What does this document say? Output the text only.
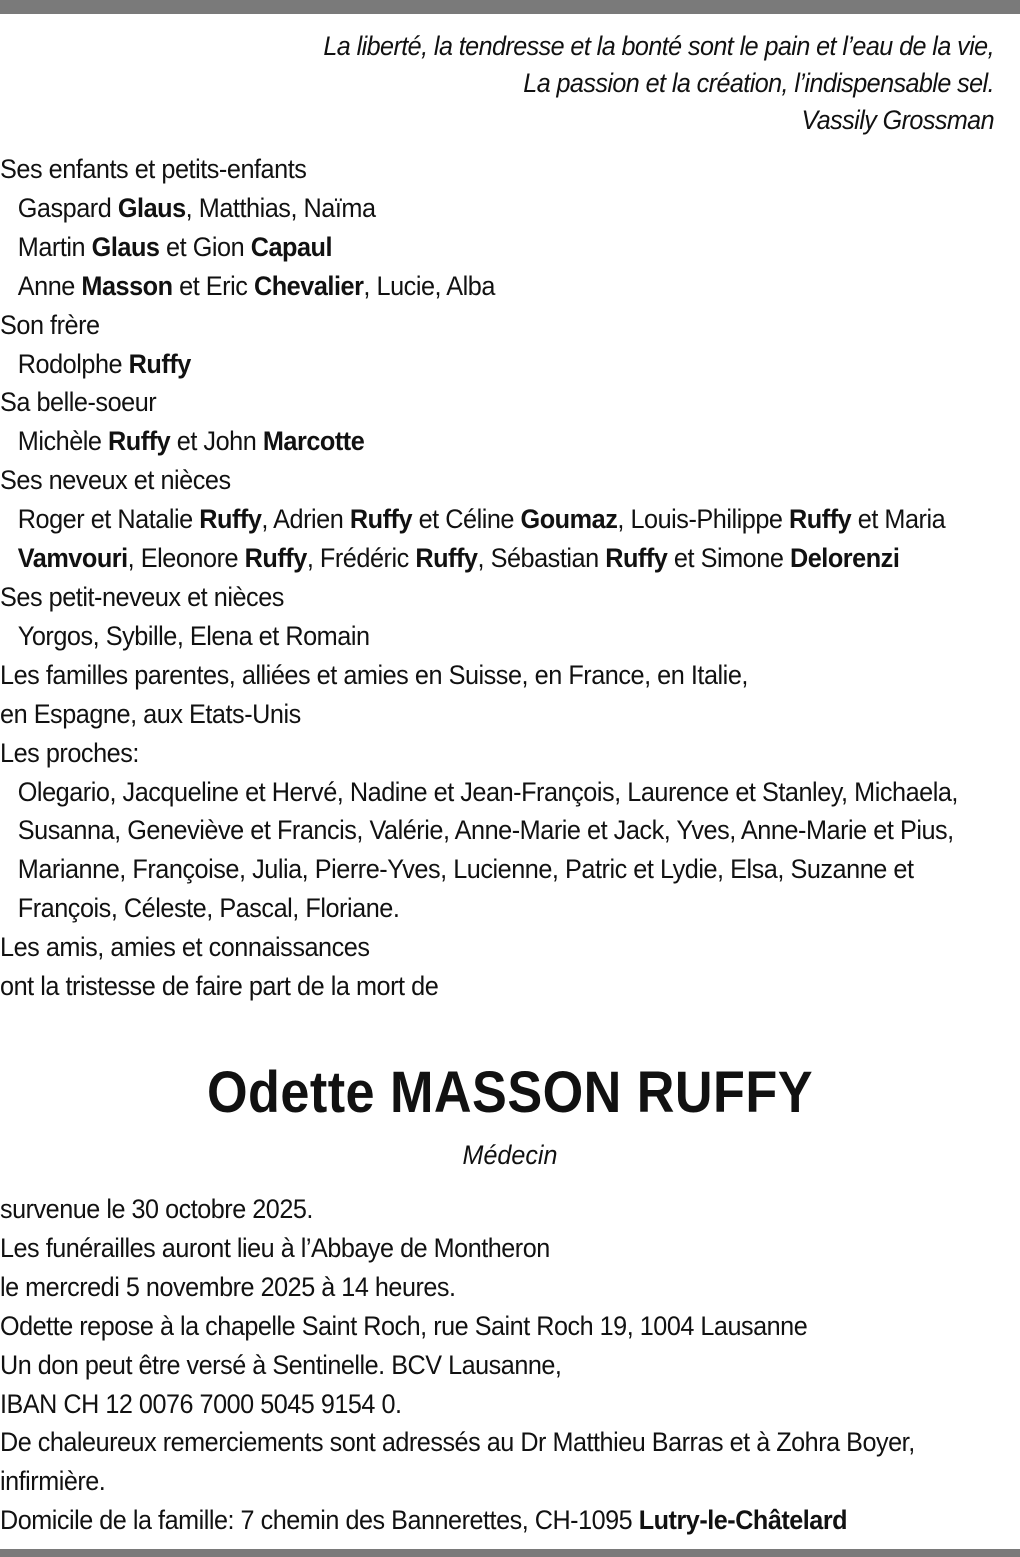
La liberté, la tendresse et la bonté sont le pain et l’eau de la vie,
La passion et la création, l’indispensable sel.
Vassily Grossman
Ses enfants et petits-enfants
Gaspard Glaus, Matthias, Naïma
Martin Glaus et Gion Capaul
Anne Masson et Eric Chevalier, Lucie, Alba
Son frère
Rodolphe Ruffy
Sa belle-soeur
Michèle Ruffy et John Marcotte
Ses neveux et nièces
Roger et Natalie Ruffy, Adrien Ruffy et Céline Goumaz, Louis-Philippe Ruffy et Maria Vamvouri, Eleonore Ruffy, Frédéric Ruffy, Sébastian Ruffy et Simone Delorenzi
Ses petit-neveux et nièces
Yorgos, Sybille, Elena et Romain
Les familles parentes, alliées et amies en Suisse, en France, en Italie,
en Espagne, aux Etats-Unis
Les proches:
Olegario, Jacqueline et Hervé, Nadine et Jean-François, Laurence et Stanley, Michaela, Susanna, Geneviève et Francis, Valérie, Anne-Marie et Jack, Yves, Anne-Marie et Pius, Marianne, Françoise, Julia, Pierre-Yves, Lucienne, Patric et Lydie, Elsa, Suzanne et François, Céleste, Pascal, Floriane.
Les amis, amies et connaissances
ont la tristesse de faire part de la mort de
Odette MASSON RUFFY
Médecin
survenue le 30 octobre 2025.
Les funérailles auront lieu à l’Abbaye de Montheron
le mercredi 5 novembre 2025 à 14 heures.
Odette repose à la chapelle Saint Roch, rue Saint Roch 19, 1004 Lausanne
Un don peut être versé à Sentinelle. BCV Lausanne,
IBAN CH 12 0076 7000 5045 9154 0.
De chaleureux remerciements sont adressés au Dr Matthieu Barras et à Zohra Boyer, infirmière.
Domicile de la famille: 7 chemin des Bannerettes, CH-1095 Lutry-le-Châtelard
